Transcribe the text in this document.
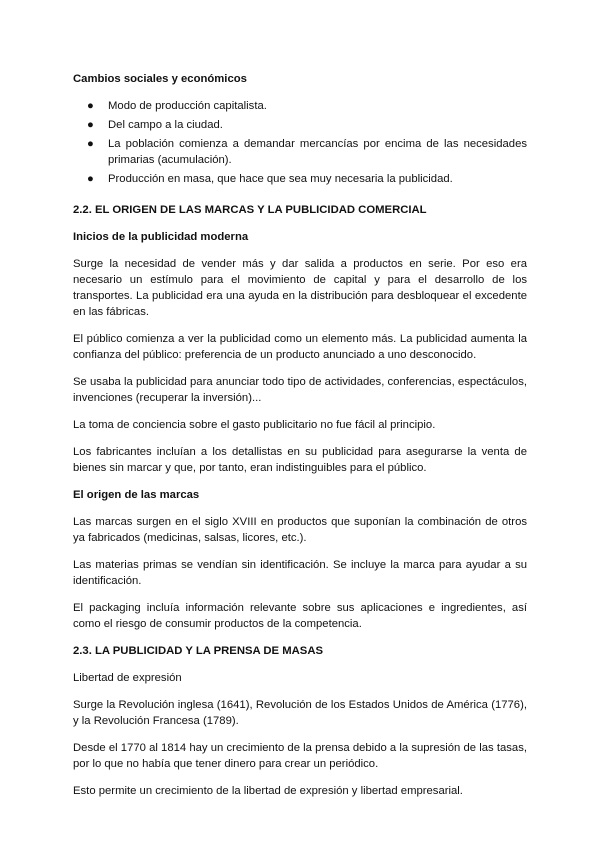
Cambios sociales y económicos

●	Modo de producción capitalista.
●	Del campo a la ciudad.
●	La población comienza a demandar mercancías por encima de las necesidades primarias (acumulación).
●	Producción en masa, que hace que sea muy necesaria la publicidad.

2.2. EL ORIGEN DE LAS MARCAS Y LA PUBLICIDAD COMERCIAL

Inicios de la publicidad moderna

Surge la necesidad de vender más y dar salida a productos en serie. Por eso era necesario un estímulo para el movimiento de capital y para el desarrollo de los transportes. La publicidad era una ayuda en la distribución para desbloquear el excedente en las fábricas.

El público comienza a ver la publicidad como un elemento más. La publicidad aumenta la confianza del público: preferencia de un producto anunciado a uno desconocido.

Se usaba la publicidad para anunciar todo tipo de actividades, conferencias, espectáculos, invenciones (recuperar la inversión)...

La toma de conciencia sobre el gasto publicitario no fue fácil al principio.

Los fabricantes incluían a los detallistas en su publicidad para asegurarse la venta de bienes sin marcar y que, por tanto, eran indistinguibles para el público.

El origen de las marcas

Las marcas surgen en el siglo XVIII en productos que suponían la combinación de otros ya fabricados (medicinas, salsas, licores, etc.).

Las materias primas se vendían sin identificación. Se incluye la marca para ayudar a su identificación.

El packaging incluía información relevante sobre sus aplicaciones e ingredientes, así como el riesgo de consumir productos de la competencia.

2.3. LA PUBLICIDAD Y LA PRENSA DE MASAS

Libertad de expresión

Surge la Revolución inglesa (1641), Revolución de los Estados Unidos de América (1776), y la Revolución Francesa (1789).

Desde el 1770 al 1814 hay un crecimiento de la prensa debido a la supresión de las tasas, por lo que no había que tener dinero para crear un periódico.

Esto permite un crecimiento de la libertad de expresión y libertad empresarial.
